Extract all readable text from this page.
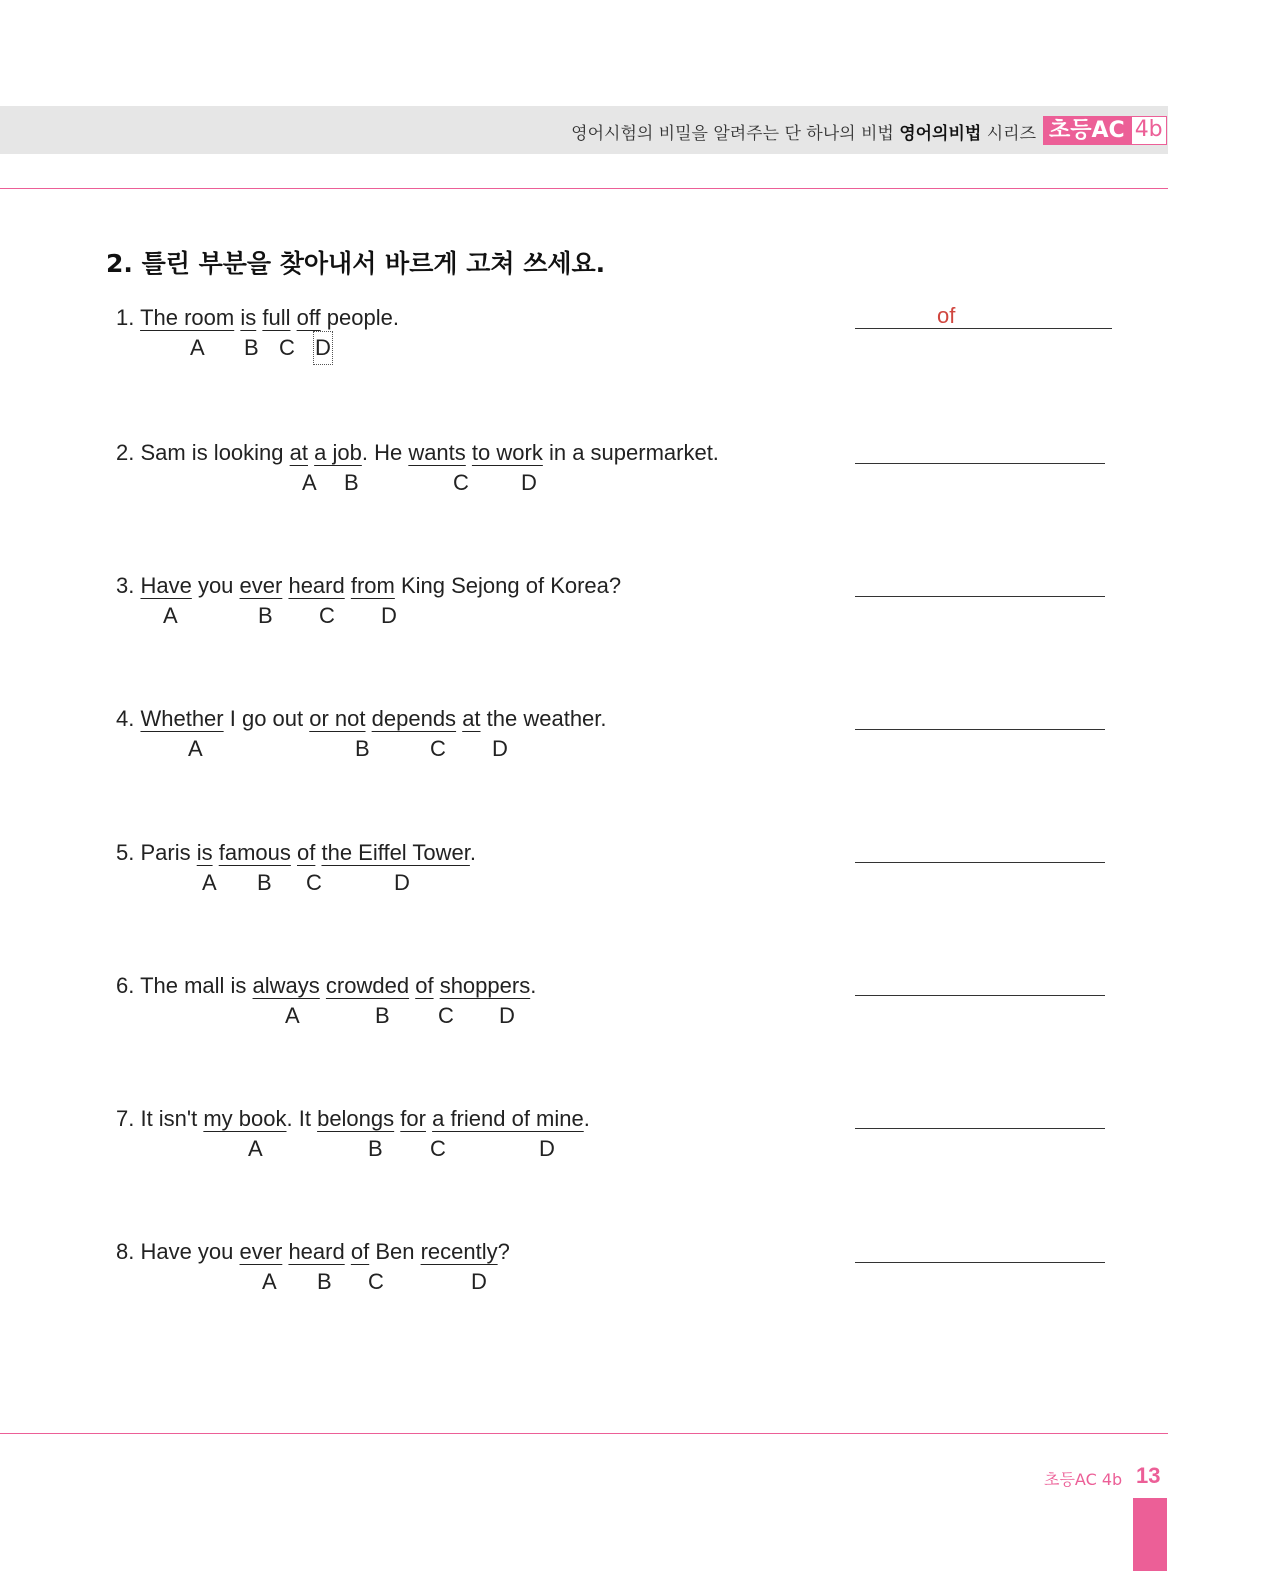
영어시험의 비밀을 알려주는 단 하나의 비법 영어의비법 시리즈 초등AC 4b
2. 틀린 부분을 찾아내서 바르게 고쳐 쓰세요.
1. The room is full off people.
A B C D
of
2. Sam is looking at a job. He wants to work in a supermarket.
A B	C D
3. Have you ever heard from King Sejong of Korea?
A	B C D
4. Whether I go out or not depends at the weather.
A	B	C D
5. Paris is famous of the Eiffel Tower.
A B C	D
6. The mall is always crowded of shoppers.
A	B C D
7. It isn't my book. It belongs for a friend of mine.
A	B C	D
8. Have you ever heard of Ben recently?
A B C	D
초등AC 4b 13
